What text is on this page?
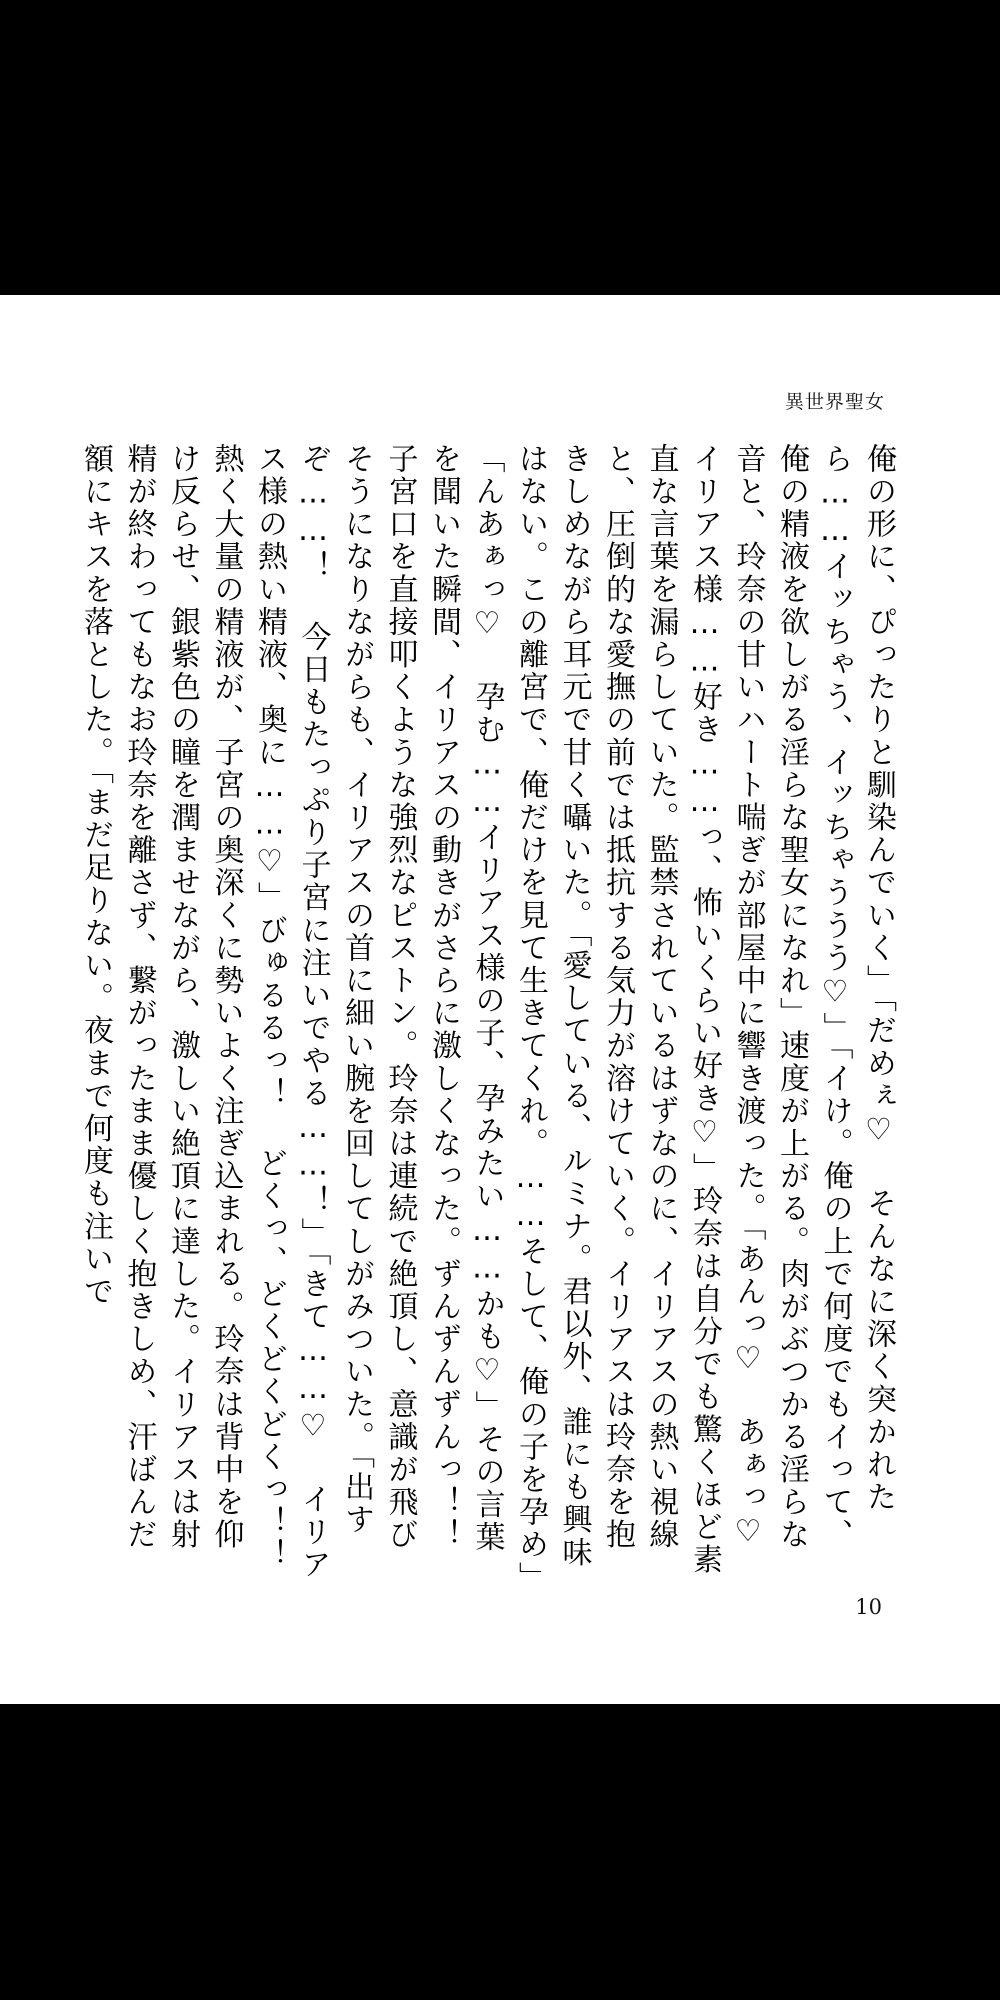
異世界聖女

俺の形に、ぴったりと馴染んでいく」「だめぇ♡ そんなに深く突かれたら……イッちゃう、イッちゃううう♡」「イけ。俺の上で何度でもイって、俺の精液を欲しがる淫らな聖女になれ」速度が上がる。肉がぶつかる淫らな音と、玲奈の甘いハート喘ぎが部屋中に響き渡った。「あんっ♡ あぁっ♡ イリアス様……好き……っ、怖いくらい好き♡」玲奈は自分でも驚くほど素直な言葉を漏らしていた。監禁されているはずなのに、イリアスの熱い視線と、圧倒的な愛撫の前では抵抗する気力が溶けていく。イリアスは玲奈を抱きしめながら耳元で甘く囁いた。「愛している、ルミナ。君以外、誰にも興味はない。この離宮で、俺だけを見て生きてくれ。……そして、俺の子を孕め」「んあぁっ♡ 孕む……イリアス様の子、孕みたい……かも♡」その言葉を聞いた瞬間、イリアスの動きがさらに激しくなった。ずんずんずんっ！！子宮口を直接叩くような強烈なピストン。玲奈は連続で絶頂し、意識が飛びそうになりながらも、イリアスの首に細い腕を回してしがみついた。「出すぞ……！ 今日もたっぷり子宮に注いでやる……！」「きて……♡ イリアス様の熱い精液、奥に……♡」びゅるるっ！ どくっ、どくどくどくっ！！熱く大量の精液が、子宮の奥深くに勢いよく注ぎ込まれる。玲奈は背中を仰け反らせ、銀紫色の瞳を潤ませながら、激しい絶頂に達した。イリアスは射精が終わってもなお玲奈を離さず、繋がったまま優しく抱きしめ、汗ばんだ額にキスを落とした。「まだ足りない。夜まで何度も注いで

10
